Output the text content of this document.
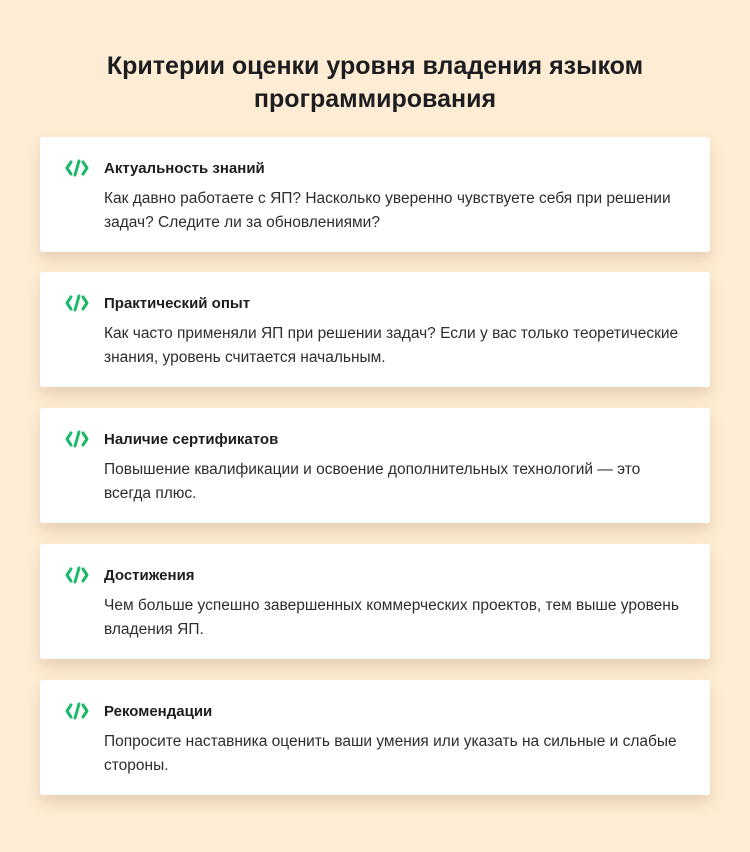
Критерии оценки уровня владения языком программирования
Актуальность знаний
Как давно работаете с ЯП? Насколько уверенно чувствуете себя при решении задач? Следите ли за обновлениями?
Практический опыт
Как часто применяли ЯП при решении задач? Если у вас только теоретические знания, уровень считается начальным.
Наличие сертификатов
Повышение квалификации и освоение дополнительных технологий — это всегда плюс.
Достижения
Чем больше успешно завершенных коммерческих проектов, тем выше уровень владения ЯП.
Рекомендации
Попросите наставника оценить ваши умения или указать на сильные и слабые стороны.
